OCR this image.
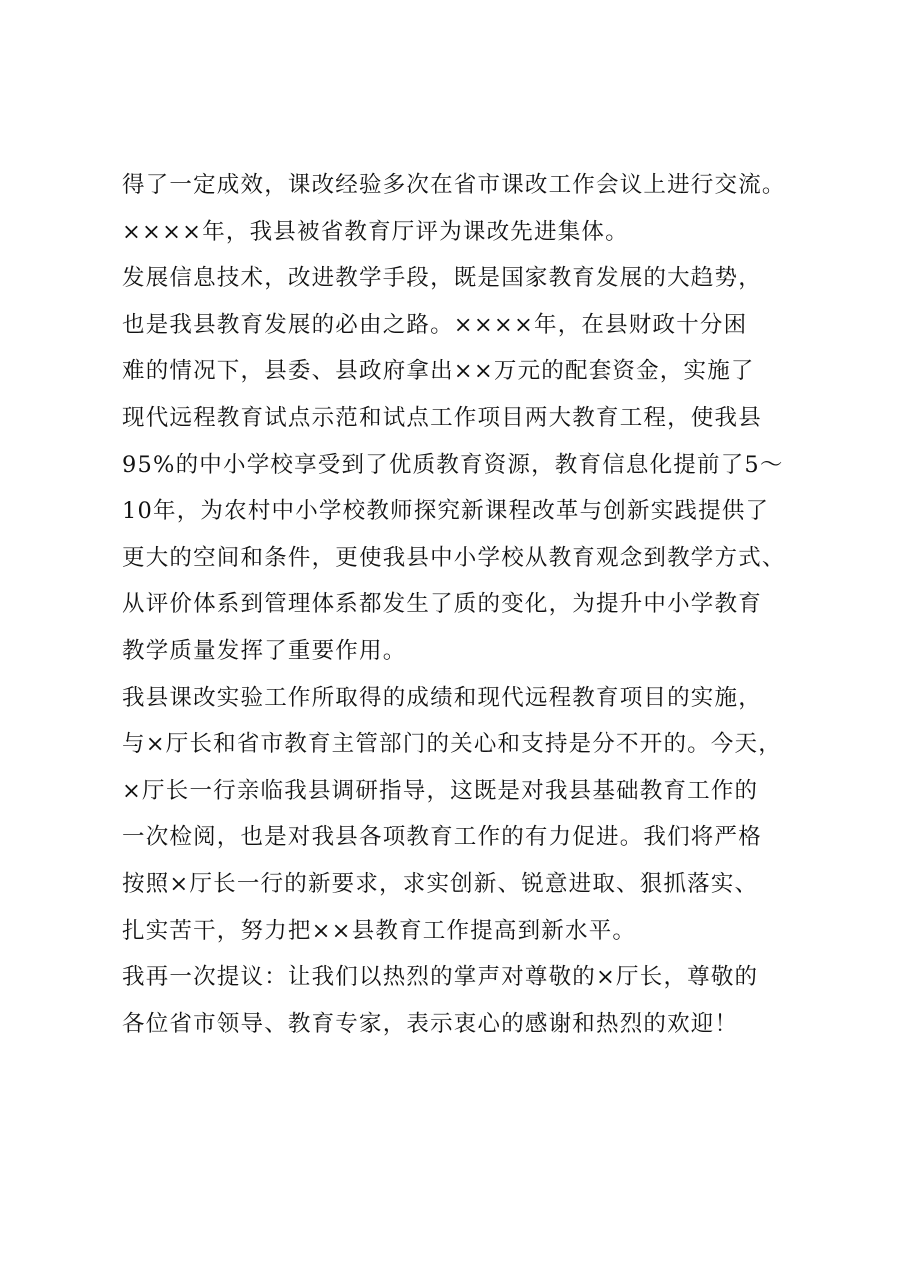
得了一定成效，课改经验多次在省市课改工作会议上进行交流。
××××年，我县被省教育厅评为课改先进集体。
发展信息技术，改进教学手段，既是国家教育发展的大趋势，
也是我县教育发展的必由之路。××××年，在县财政十分困
难的情况下，县委、县政府拿出××万元的配套资金，实施了
现代远程教育试点示范和试点工作项目两大教育工程，使我县
95%的中小学校享受到了优质教育资源，教育信息化提前了5～
10年，为农村中小学校教师探究新课程改革与创新实践提供了
更大的空间和条件，更使我县中小学校从教育观念到教学方式、
从评价体系到管理体系都发生了质的变化，为提升中小学教育
教学质量发挥了重要作用。
我县课改实验工作所取得的成绩和现代远程教育项目的实施，
与×厅长和省市教育主管部门的关心和支持是分不开的。今天，
×厅长一行亲临我县调研指导，这既是对我县基础教育工作的
一次检阅，也是对我县各项教育工作的有力促进。我们将严格
按照×厅长一行的新要求，求实创新、锐意进取、狠抓落实、
扎实苦干，努力把××县教育工作提高到新水平。
我再一次提议：让我们以热烈的掌声对尊敬的×厅长，尊敬的
各位省市领导、教育专家，表示衷心的感谢和热烈的欢迎！
